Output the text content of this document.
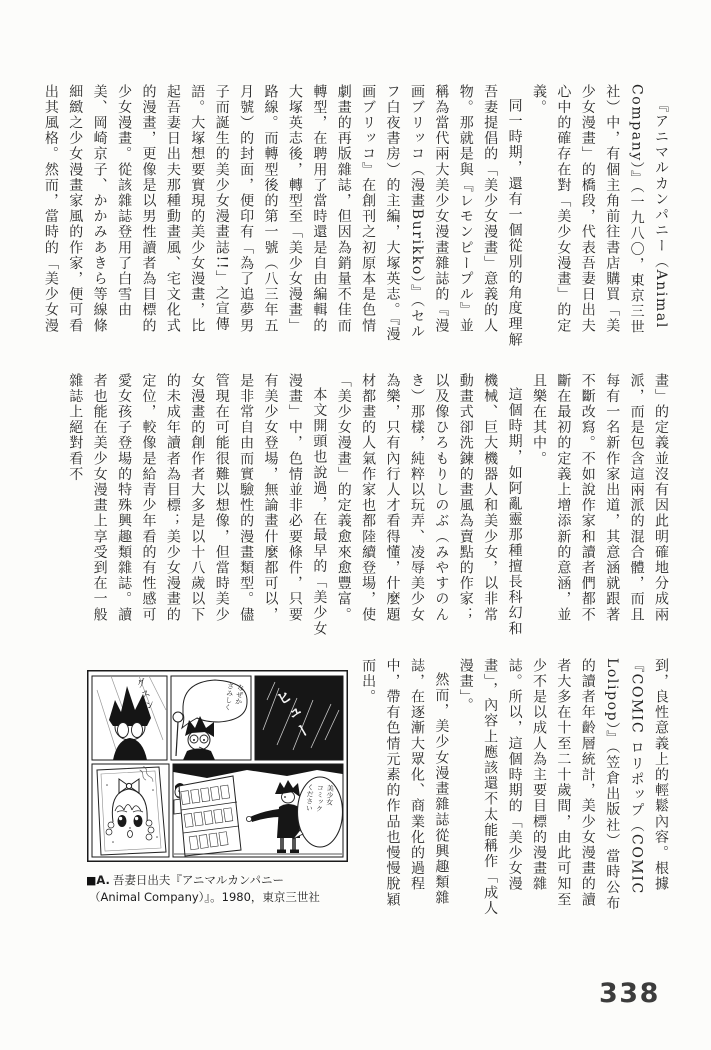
『アニマルカンパニー（Animal Company）』（一九八〇，東京三世社）中，有個主角前往書店購買「美少女漫畫」的橋段，代表吾妻日出夫心中的確存在對「美少女漫畫」的定義。

同一時期，還有一個從別的角度理解吾妻提倡的「美少女漫畫」意義的人物。那就是與『レモンピープル』並稱為當代兩大美少女漫畫雜誌的『漫画ブリッコ（漫畫Burikko）』（セルフ白夜書房）的主編，大塚英志。『漫画ブリッコ』在創刊之初原本是色情劇畫的再版雜誌，但因為銷量不佳而轉型，在聘用了當時還是自由編輯的大塚英志後，轉型至「美少女漫畫」路線。而轉型後的第一號（八三年五月號）的封面，便印有「為了追夢男子而誕生的美少女漫畫誌!!」之宣傳語。大塚想要實現的美少女漫畫，比起吾妻日出夫那種動畫風、宅文化式的漫畫，更像是以男性讀者為目標的少女漫畫。從該雜誌登用了白雪由美、岡崎京子、かかみあきら等線條細緻之少女漫畫家風的作家，便可看出其風格。然而，當時的「美少女漫

畫」的定義並沒有因此明確地分成兩派，而是包含這兩派的混合體，而且每有一名新作家出道，其意涵就跟著不斷改寫。不如說作家和讀者們都不斷在最初的定義上增添新的意涵，並且樂在其中。

這個時期，如阿亂靈那種擅長科幻和機械、巨大機器人和美少女，以非常動畫式卻洗鍊的畫風為賣點的作家；以及像ひろもりしのぶ（みやすのんき）那樣，純粹以玩弄、凌辱美少女為樂，只有內行人才看得懂，什麼題材都畫的人氣作家也都陸續登場，使「美少女漫畫」的定義愈來愈豐富。

本文開頭也說過，在最早的「美少女漫畫」中，色情並非必要條件，只要有美少女登場，無論畫什麼都可以，是非常自由而實驗性的漫畫類型。儘管現在可能很難以想像，但當時美少女漫畫的創作者大多是以十八歲以下的未成年讀者為目標；美少女漫畫的定位，較像是給青少年看的有性感可愛女孩子登場的特殊興趣類雜誌。讀者也能在美少女漫畫上享受到在一般雜誌上絕對看不

到，良性意義上的輕鬆內容。根據『COMIC ロリポップ（COMIC Lolipop）』（笠倉出版社）當時公布的讀者年齡層統計，美少女漫畫的讀者大多在十至二十歲間，由此可知至少不是以成人為主要目標的漫畫雜誌。所以，這個時期的「美少女漫畫」，內容上應該還不太能稱作「成人漫畫」。

然而，美少女漫畫雜誌從興趣類雜誌，在逐漸大眾化、商業化的過程中，帶有色情元素的作品也慢慢脫穎而出。

グスン	なぜか
さみしく	ヒュー
美少女
コミック
ください
■A. 吾妻日出夫『アニマルカンパニー
（Animal Company）』。1980，東京三世社
338
